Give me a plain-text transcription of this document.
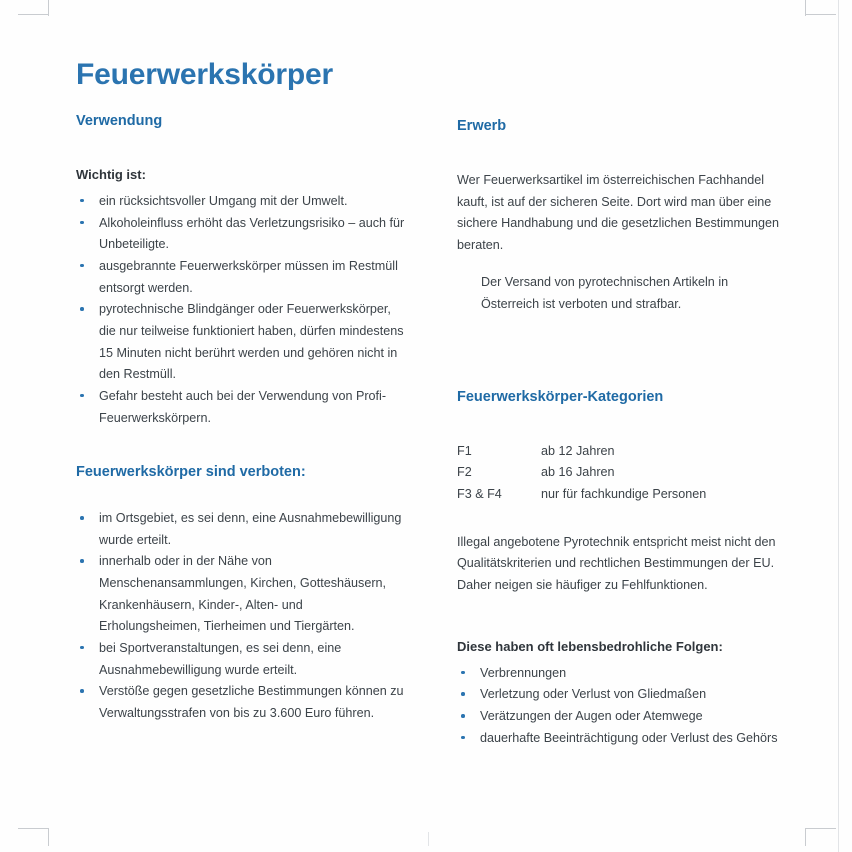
Feuerwerkskörper
Verwendung

Wichtig ist:

ein rücksichtsvoller Umgang mit der Umwelt.
Alkoholeinfluss erhöht das Verletzungsrisiko – auch für Unbeteiligte.
ausgebrannte Feuerwerkskörper müssen im Restmüll entsorgt werden.
pyrotechnische Blindgänger oder Feuerwerkskörper, die nur teilweise funktioniert haben, dürfen mindestens 15 Minuten nicht berührt werden und gehören nicht in den Restmüll.
Gefahr besteht auch bei der Verwendung von Profi-Feuerwerkskörpern.
Feuerwerkskörper sind verboten:
im Ortsgebiet, es sei denn, eine Ausnahmebewilligung wurde erteilt.
innerhalb oder in der Nähe von Menschenansammlungen, Kirchen, Gotteshäusern, Krankenhäusern, Kinder-, Alten- und Erholungsheimen, Tierheimen und Tiergärten.
bei Sportveranstaltungen, es sei denn, eine Ausnahmebewilligung wurde erteilt.
Verstöße gegen gesetzliche Bestimmungen können zu Verwaltungsstrafen von bis zu 3.600 Euro führen.
Erwerb

Wer Feuerwerksartikel im österreichischen Fachhandel kauft, ist auf der sicheren Seite. Dort wird man über eine sichere Handhabung und die gesetzlichen Bestimmungen beraten.

Der Versand von pyrotechnischen Artikeln in Österreich ist verboten und strafbar.

Feuerwerkskörper-Kategorien
F1	ab 12 Jahren
F2	ab 16 Jahren
F3 & F4	nur für fachkundige Personen

Illegal angebotene Pyrotechnik entspricht meist nicht den Qualitätskriterien und rechtlichen Bestimmungen der EU. Daher neigen sie häufiger zu Fehlfunktionen.

Diese haben oft lebensbedrohliche Folgen:

Verbrennungen
Verletzung oder Verlust von Gliedmaßen
Verätzungen der Augen oder Atemwege
dauerhafte Beeinträchtigung oder Verlust des Gehörs
